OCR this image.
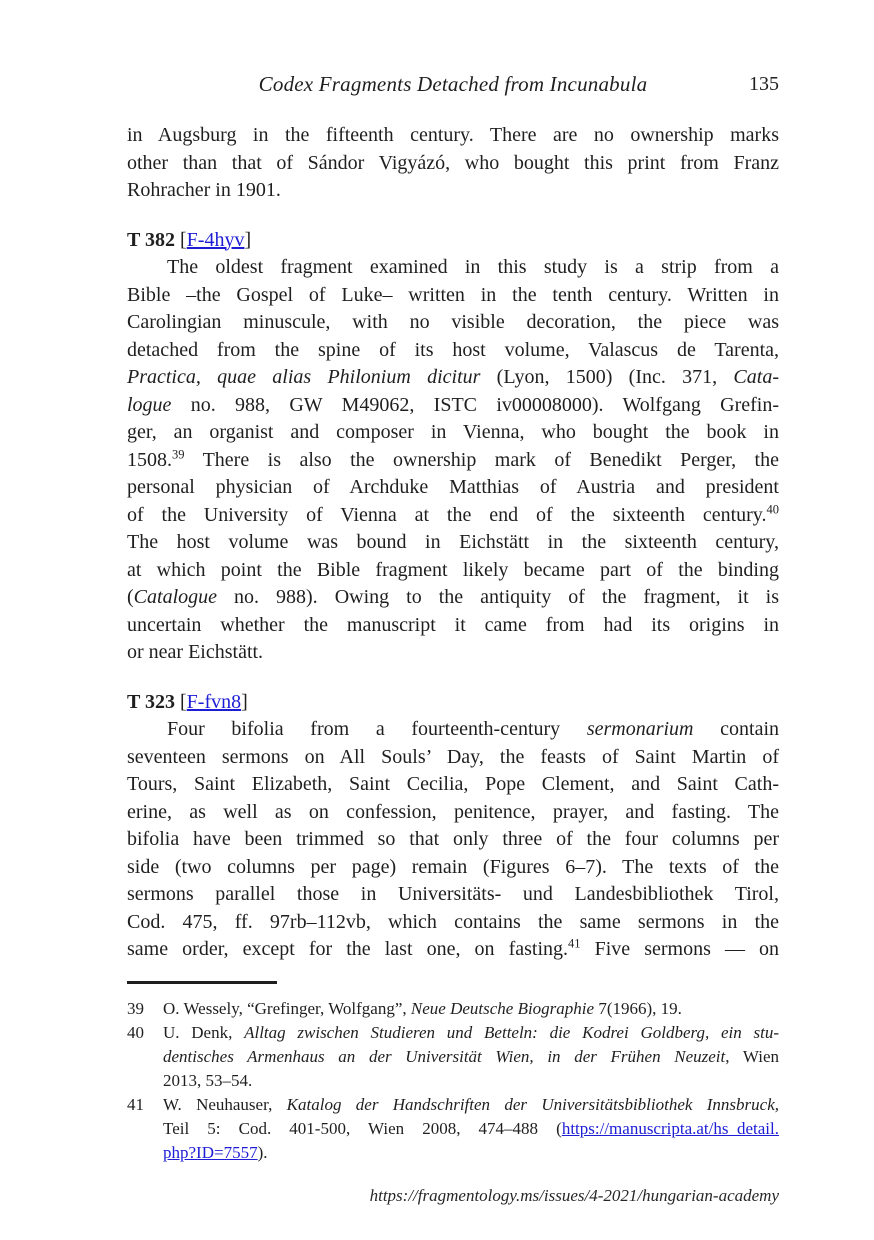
Codex Fragments Detached from Incunabula	135
in Augsburg in the fifteenth century. There are no ownership marks
other than that of Sándor Vigyázó, who bought this print from Franz
Rohracher in 1901.
T 382 [F-4hyv]
The oldest fragment examined in this study is a strip from a
Bible –the Gospel of Luke– written in the tenth century. Written in
Carolingian minuscule, with no visible decoration, the piece was
detached from the spine of its host volume, Valascus de Tarenta,
Practica, quae alias Philonium dicitur (Lyon, 1500) (Inc. 371, Cata-
logue no. 988, GW M49062, ISTC iv00008000). Wolfgang Grefin-
ger, an organist and composer in Vienna, who bought the book in
1508.39 There is also the ownership mark of Benedikt Perger, the
personal physician of Archduke Matthias of Austria and president
of the University of Vienna at the end of the sixteenth century.$^{40}$
The host volume was bound in Eichstätt in the sixteenth century,
at which point the Bible fragment likely became part of the binding
(Catalogue no. 988). Owing to the antiquity of the fragment, it is
uncertain whether the manuscript it came from had its origins in
or near Eichstätt.
T 323 [F-fvn8]
Four bifolia from a fourteenth-century sermonarium contain
seventeen sermons on All Souls’ Day, the feasts of Saint Martin of
Tours, Saint Elizabeth, Saint Cecilia, Pope Clement, and Saint Cath-
erine, as well as on confession, penitence, prayer, and fasting. The
bifolia have been trimmed so that only three of the four columns per
side (two columns per page) remain (Figures 6–7). The texts of the
sermons parallel those in Universitäts- und Landesbibliothek Tirol,
Cod. 475, ff. 97rb–112vb, which contains the same sermons in the
same order, except for the last one, on fasting.$^{41}$ Five sermons — on
39 O. Wessely, “Grefinger, Wolfgang”, Neue Deutsche Biographie 7(1966), 19.
40 U. Denk, Alltag zwischen Studieren und Betteln: die Kodrei Goldberg, ein stu-
dentisches Armenhaus an der Universität Wien, in der Frühen Neuzeit, Wien
2013, 53–54.
41 W. Neuhauser, Katalog der Handschriften der Universitätsbibliothek Innsbruck,
Teil 5: Cod. 401-500, Wien 2008, 474–488 (https://manuscripta.at/hs_detail.
php?ID=7557).
https://fragmentology.ms/issues/4-2021/hungarian-academy
